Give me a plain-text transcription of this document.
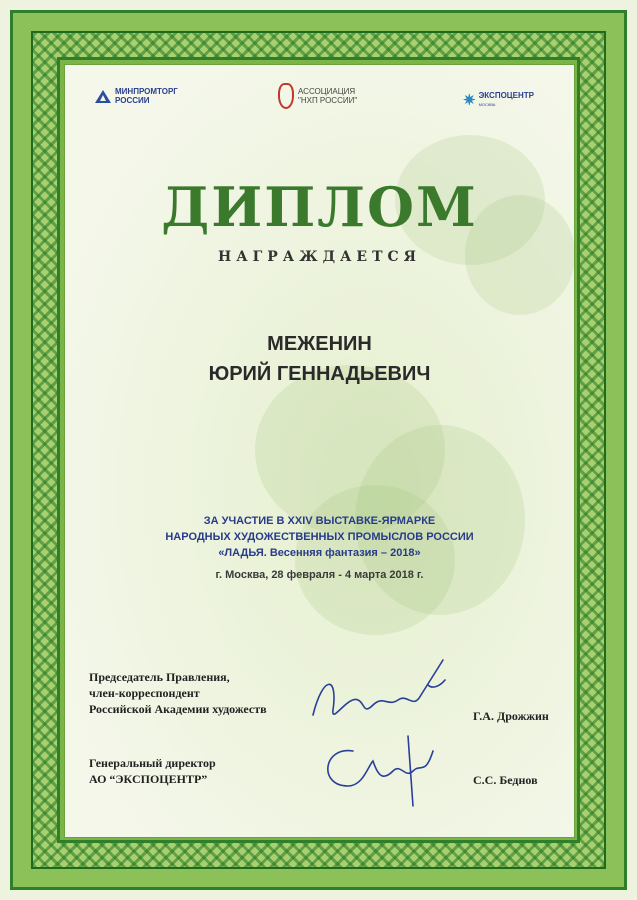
МИНПРОМТОРГ
РОССИИ
АССОЦИАЦИЯ
"НХП РОССИИ"	✷ ЭКСПОЦЕНТР
МОСКВА
ДИПЛОМ
НАГРАЖДАЕТСЯ
МЕЖЕНИН
ЮРИЙ ГЕННАДЬЕВИЧ
ЗА УЧАСТИЕ В XXIV ВЫСТАВКЕ-ЯРМАРКЕ
НАРОДНЫХ ХУДОЖЕСТВЕННЫХ ПРОМЫСЛОВ РОССИИ
«ЛАДЬЯ. Весенняя фантазия – 2018»
г. Москва, 28 февраля - 4 марта 2018 г.
Председатель Правления,
член-корреспондент
Российской Академии художеств	Г.А. Дрожжин
Генеральный директор
АО “ЭКСПОЦЕНТР”	С.С. Беднов
